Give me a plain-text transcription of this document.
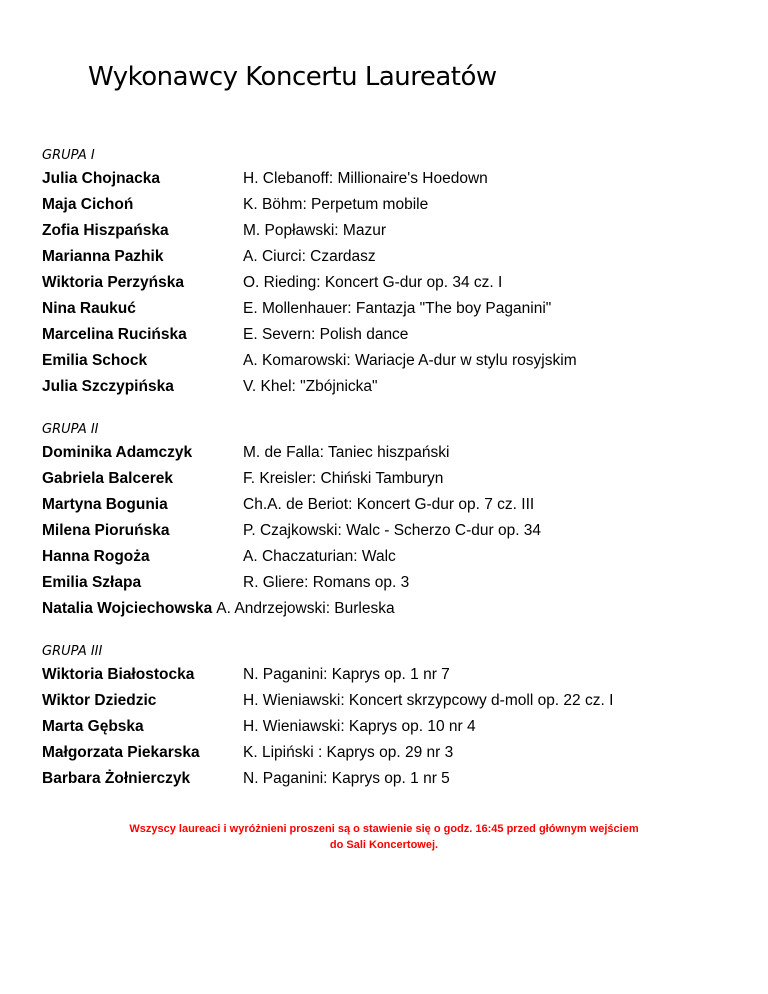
Wykonawcy Koncertu Laureatów
GRUPA I
Julia Chojnacka	H. Clebanoff: Millionaire's Hoedown
Maja Cichoń	K. Böhm: Perpetum mobile
Zofia Hiszpańska	M. Popławski: Mazur
Marianna Pazhik	A. Ciurci: Czardasz
Wiktoria Perzyńska	O. Rieding: Koncert G-dur op. 34 cz. I
Nina Raukuć	E. Mollenhauer: Fantazja "The boy Paganini"
Marcelina Rucińska	E. Severn: Polish dance
Emilia Schock	A. Komarowski: Wariacje A-dur w stylu rosyjskim
Julia Szczypińska	V. Khel: "Zbójnicka"
GRUPA II
Dominika Adamczyk	M. de Falla: Taniec hiszpański
Gabriela Balcerek	F. Kreisler: Chiński Tamburyn
Martyna Bogunia	Ch.A. de Beriot: Koncert G-dur op. 7 cz. III
Milena Pioruńska	P. Czajkowski: Walc - Scherzo C-dur op. 34
Hanna Rogoża	A. Chaczaturian: Walc
Emilia Szłapa	R. Gliere: Romans op. 3
Natalia Wojciechowska A. Andrzejowski: Burleska
GRUPA III
Wiktoria Białostocka	N. Paganini: Kaprys op. 1 nr 7
Wiktor Dziedzic	H. Wieniawski: Koncert skrzypcowy d-moll op. 22 cz. I
Marta Gębska	H. Wieniawski: Kaprys op. 10 nr 4
Małgorzata Piekarska	K. Lipiński : Kaprys op. 29 nr 3
Barbara Żołnierczyk	N. Paganini: Kaprys op. 1 nr 5
Wszyscy laureaci i wyróżnieni proszeni są o stawienie się o godz. 16:45 przed głównym wejściem
do Sali Koncertowej.
